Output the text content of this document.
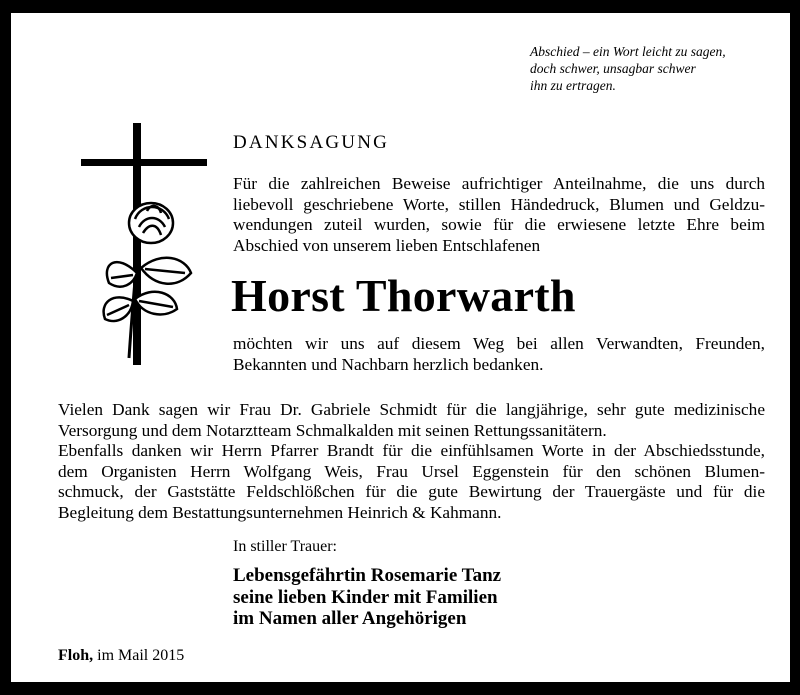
Abschied – ein Wort leicht zu sagen,
doch schwer, unsagbar schwer
ihn zu ertragen.
DANKSAGUNG
Für die zahlreichen Beweise aufrichtiger Anteilnahme, die uns durch
liebevoll geschriebene Worte, stillen Händedruck, Blumen und Geldzu-
wendungen zuteil wurden, sowie für die erwiesene letzte Ehre beim
Abschied von unserem lieben Entschlafenen
Horst Thorwarth
möchten wir uns auf diesem Weg bei allen Verwandten, Freunden,
Bekannten und Nachbarn herzlich bedanken.
Vielen Dank sagen wir Frau Dr. Gabriele Schmidt für die langjährige, sehr gute medizinische
Versorgung und dem Notarztteam Schmalkalden mit seinen Rettungssanitätern.
Ebenfalls danken wir Herrn Pfarrer Brandt für die einfühlsamen Worte in der Abschiedsstunde,
dem Organisten Herrn Wolfgang Weis, Frau Ursel Eggenstein für den schönen Blumen-
schmuck, der Gaststätte Feldschlößchen für die gute Bewirtung der Trauergäste und für die
Begleitung dem Bestattungsunternehmen Heinrich & Kahmann.
In stiller Trauer:
Lebensgefährtin Rosemarie Tanz
seine lieben Kinder mit Familien
im Namen aller Angehörigen
Floh, im Mail 2015
